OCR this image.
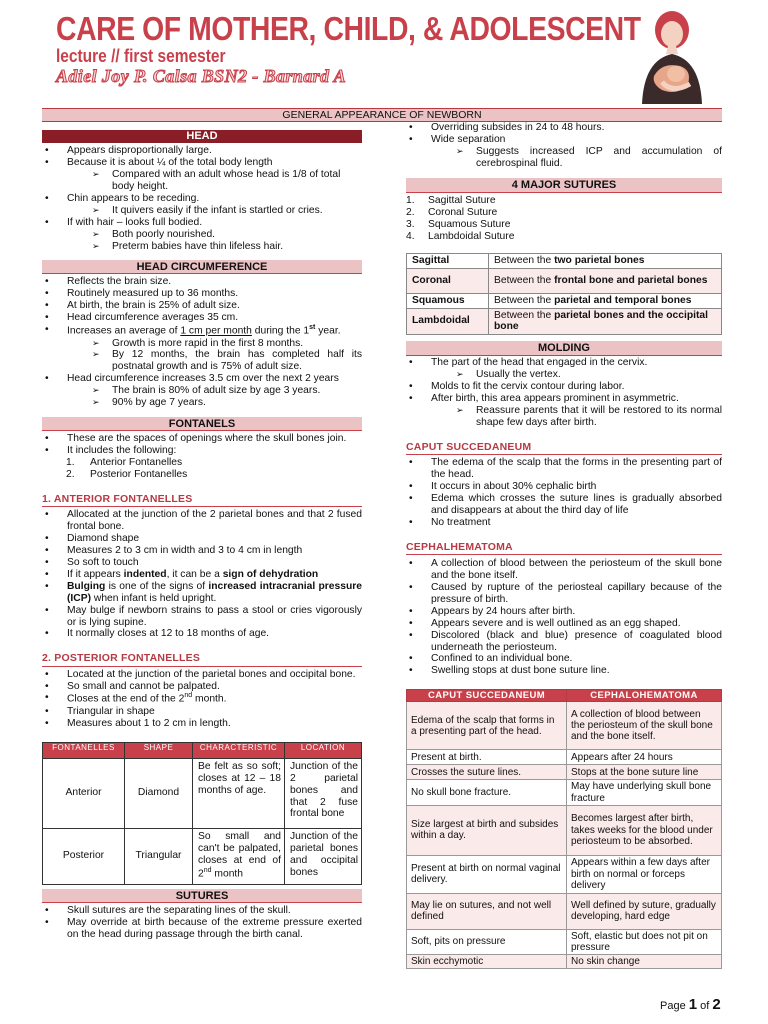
CARE OF MOTHER, CHILD, & ADOLESCENT
lecture // first semester
Adiel Joy P. Calsa BSN2 - Barnard A
GENERAL APPEARANCE OF NEWBORN
HEAD
• Appears disproportionally large.
• Because it is about ¼ of the total body length
➢ Compared with an adult whose head is 1/8 of total body height.
• Chin appears to be receding.
➢ It quivers easily if the infant is startled or cries.
• If with hair – looks full bodied.
➢ Both poorly nourished.
➢ Preterm babies have thin lifeless hair.
HEAD CIRCUMFERENCE
• Reflects the brain size.
• Routinely measured up to 36 months.
• At birth, the brain is 25% of adult size.
• Head circumference averages 35 cm.
• Increases an average of 1 cm per month during the 1st year.
➢ Growth is more rapid in the first 8 months.
➢ By 12 months, the brain has completed half its postnatal growth and is 75% of adult size.
• Head circumference increases 3.5 cm over the next 2 years
➢ The brain is 80% of adult size by age 3 years.
➢ 90% by age 7 years.
FONTANELS
• These are the spaces of openings where the skull bones join.
• It includes the following:
1. Anterior Fontanelles
2. Posterior Fontanelles
1. ANTERIOR FONTANELLES
• Allocated at the junction of the 2 parietal bones and that 2 fused frontal bone.
• Diamond shape
• Measures 2 to 3 cm in width and 3 to 4 cm in length
• So soft to touch
• If it appears indented, it can be a sign of dehydration
• Bulging is one of the signs of increased intracranial pressure (ICP) when infant is held upright.
• May bulge if newborn strains to pass a stool or cries vigorously or is lying supine.
• It normally closes at 12 to 18 months of age.
2. POSTERIOR FONTANELLES
• Located at the junction of the parietal bones and occipital bone.
• So small and cannot be palpated.
• Closes at the end of the 2nd month.
• Triangular in shape
• Measures about 1 to 2 cm in length.
FONTANELLES	SHAPE	CHARACTERISTIC	LOCATION
Anterior	Diamond	Be felt as so soft; closes at 12 – 18 months of age.	Junction of the 2 parietal bones and that 2 fuse frontal bone
Posterior	Triangular	So small and can't be palpated, closes at end of 2nd month	Junction of the parietal bones and occipital bones
SUTURES
• Skull sutures are the separating lines of the skull.
• May override at birth because of the extreme pressure exerted on the head during passage through the birth canal.
• Overriding subsides in 24 to 48 hours.
• Wide separation
➢ Suggests increased ICP and accumulation of cerebrospinal fluid.
4 MAJOR SUTURES
1. Sagittal Suture
2. Coronal Suture
3. Squamous Suture
4. Lambdoidal Suture
Sagittal	Between the two parietal bones
Coronal	Between the frontal bone and parietal bones
Squamous	Between the parietal and temporal bones
Lambdoidal	Between the parietal bones and the occipital bone
MOLDING
• The part of the head that engaged in the cervix.
➢ Usually the vertex.
• Molds to fit the cervix contour during labor.
• After birth, this area appears prominent in asymmetric.
➢ Reassure parents that it will be restored to its normal shape few days after birth.
CAPUT SUCCEDANEUM
• The edema of the scalp that the forms in the presenting part of the head.
• It occurs in about 30% cephalic birth
• Edema which crosses the suture lines is gradually absorbed and disappears at about the third day of life
• No treatment
CEPHALHEMATOMA
• A collection of blood between the periosteum of the skull bone and the bone itself.
• Caused by rupture of the periosteal capillary because of the pressure of birth.
• Appears by 24 hours after birth.
• Appears severe and is well outlined as an egg shaped.
• Discolored (black and blue) presence of coagulated blood underneath the periosteum.
• Confined to an individual bone.
• Swelling stops at dust bone suture line.
CAPUT SUCCEDANEUM	CEPHALOHEMATOMA
Edema of the scalp that forms in a presenting part of the head.	A collection of blood between the periosteum of the skull bone and the bone itself.
Present at birth.	Appears after 24 hours
Crosses the suture lines.	Stops at the bone suture line
No skull bone fracture.	May have underlying skull bone fracture
Size largest at birth and subsides within a day.	Becomes largest after birth, takes weeks for the blood under periosteum to be absorbed.
Present at birth on normal vaginal delivery.	Appears within a few days after birth on normal or forceps delivery
May lie on sutures, and not well defined	Well defined by suture, gradually developing, hard edge
Soft, pits on pressure	Soft, elastic but does not pit on pressure
Skin ecchymotic	No skin change
Page 1 of 2
